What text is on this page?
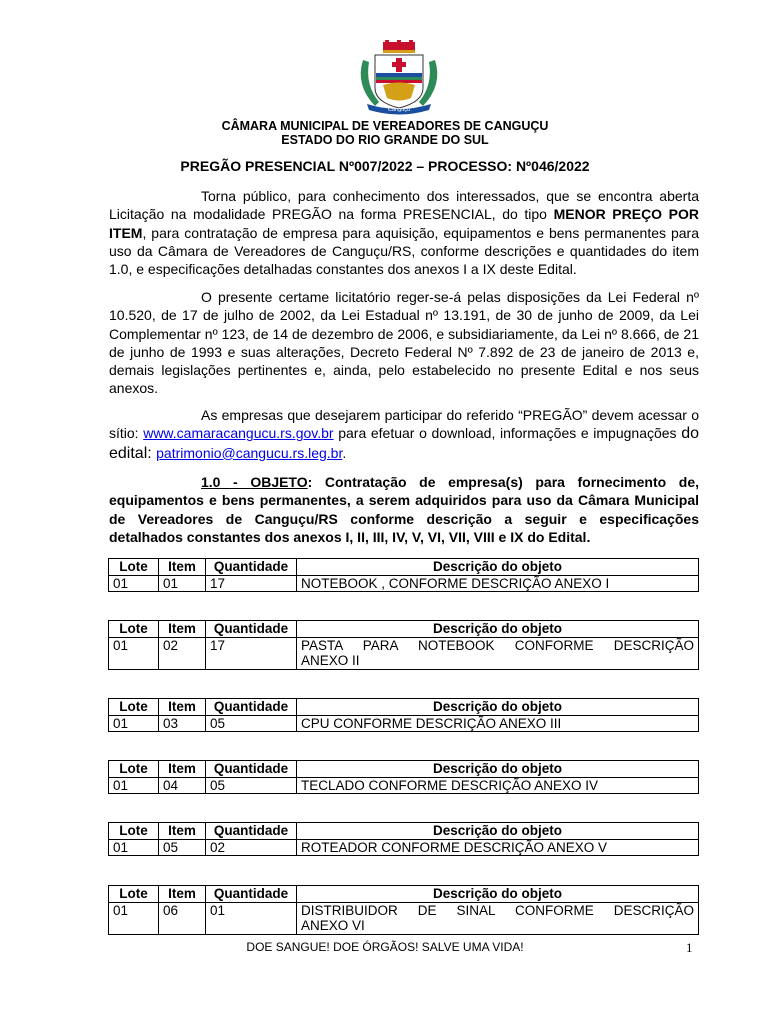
Canguçu
CÂMARA MUNICIPAL DE VEREADORES DE CANGUÇU
ESTADO DO RIO GRANDE DO SUL
PREGÃO PRESENCIAL Nº007/2022 – PROCESSO: Nº046/2022
Torna público, para conhecimento dos interessados, que se encontra aberta Licitação na modalidade PREGÃO na forma PRESENCIAL, do tipo MENOR PREÇO POR ITEM, para contratação de empresa para aquisição, equipamentos e bens permanentes para uso da Câmara de Vereadores de Canguçu/RS, conforme descrições e quantidades do item 1.0, e especificações detalhadas constantes dos anexos I a IX deste Edital.
O presente certame licitatório reger-se-á pelas disposições da Lei Federal nº 10.520, de 17 de julho de 2002, da Lei Estadual nº 13.191, de 30 de junho de 2009, da Lei Complementar nº 123, de 14 de dezembro de 2006, e subsidiariamente, da Lei nº 8.666, de 21 de junho de 1993 e suas alterações, Decreto Federal Nº 7.892 de 23 de janeiro de 2013 e, demais legislações pertinentes e, ainda, pelo estabelecido no presente Edital e nos seus anexos.
As empresas que desejarem participar do referido “PREGÃO” devem acessar o sítio: www.camaracangucu.rs.gov.br para efetuar o download, informações e impugnações do edital: patrimonio@cangucu.rs.leg.br.
1.0 - OBJETO: Contratação de empresa(s) para fornecimento de, equipamentos e bens permanentes, a serem adquiridos para uso da Câmara Municipal de Vereadores de Canguçu/RS conforme descrição a seguir e especificações detalhados constantes dos anexos I, II, III, IV, V, VI, VII, VIII e IX do Edital.
Lote	Item	Quantidade	Descrição do objeto
01	01	17	NOTEBOOK , CONFORME DESCRIÇÃO ANEXO I
Lote	Item	Quantidade	Descrição do objeto
01	02	17	PASTA PARA NOTEBOOK CONFORME DESCRIÇÃO
ANEXO II
Lote	Item	Quantidade	Descrição do objeto
01	03	05	CPU CONFORME DESCRIÇÃO ANEXO III
Lote	Item	Quantidade	Descrição do objeto
01	04	05	TECLADO CONFORME DESCRIÇÃO ANEXO IV
Lote	Item	Quantidade	Descrição do objeto
01	05	02	ROTEADOR CONFORME DESCRIÇÃO ANEXO V
Lote	Item	Quantidade	Descrição do objeto
01	06	01	DISTRIBUIDOR DE SINAL CONFORME DESCRIÇÃO
ANEXO VI
DOE SANGUE! DOE ÓRGÃOS! SALVE UMA VIDA!	1
